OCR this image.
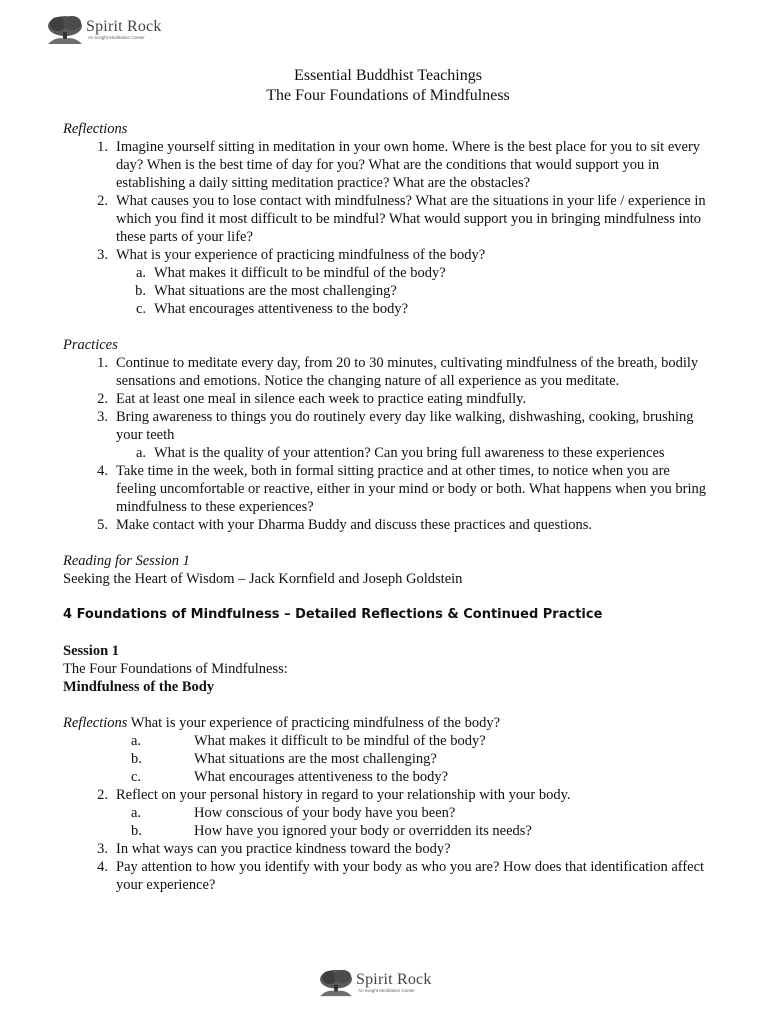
Spirit Rock
An Insight Meditation Center
Essential Buddhist Teachings
The Four Foundations of Mindfulness
Reflections
1. Imagine yourself sitting in meditation in your own home. Where is the best place for you to sit every day? When is the best time of day for you? What are the conditions that would support you in establishing a daily sitting meditation practice? What are the obstacles?
2. What causes you to lose contact with mindfulness? What are the situations in your life / experience in which you find it most difficult to be mindful? What would support you in bringing mindfulness into these parts of your life?
3. What is your experience of practicing mindfulness of the body?
a. What makes it difficult to be mindful of the body?
b. What situations are the most challenging?
c. What encourages attentiveness to the body?
Practices
1. Continue to meditate every day, from 20 to 30 minutes, cultivating mindfulness of the breath, bodily sensations and emotions. Notice the changing nature of all experience as you meditate.
2. Eat at least one meal in silence each week to practice eating mindfully.
3. Bring awareness to things you do routinely every day like walking, dishwashing, cooking, brushing your teeth
a. What is the quality of your attention? Can you bring full awareness to these experiences
4. Take time in the week, both in formal sitting practice and at other times, to notice when you are feeling uncomfortable or reactive, either in your mind or body or both. What happens when you bring mindfulness to these experiences?
5. Make contact with your Dharma Buddy and discuss these practices and questions.
Reading for Session 1
Seeking the Heart of Wisdom – Jack Kornfield and Joseph Goldstein
4 Foundations of Mindfulness – Detailed Reflections & Continued Practice
Session 1
The Four Foundations of Mindfulness:
Mindfulness of the Body
Reflections What is your experience of practicing mindfulness of the body?
a.	What makes it difficult to be mindful of the body?
b.	What situations are the most challenging?
c.	What encourages attentiveness to the body?
2. Reflect on your personal history in regard to your relationship with your body.
a.	How conscious of your body have you been?
b.	How have you ignored your body or overridden its needs?
3. In what ways can you practice kindness toward the body?
4. Pay attention to how you identify with your body as who you are? How does that identification affect your experience?
Spirit Rock
An Insight Meditation Center
